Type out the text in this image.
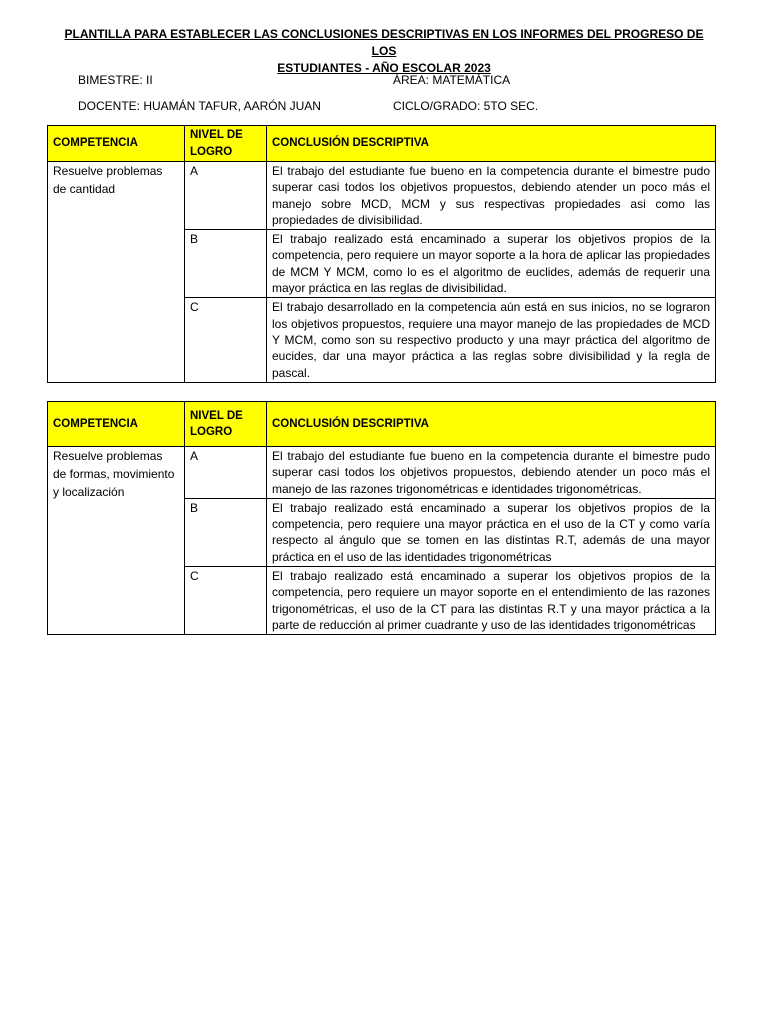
PLANTILLA PARA ESTABLECER LAS CONCLUSIONES DESCRIPTIVAS EN LOS INFORMES DEL PROGRESO DE LOS
ESTUDIANTES - AÑO ESCOLAR 2023
BIMESTRE: II	ÁREA: MATEMÁTICA
DOCENTE: HUAMÁN TAFUR, AARÓN JUAN	CICLO/GRADO: 5TO SEC.
COMPETENCIA	NIVEL DE LOGRO	CONCLUSIÓN DESCRIPTIVA
Resuelve problemas de cantidad	A	El trabajo del estudiante fue bueno en la competencia durante el bimestre pudo superar casi todos los objetivos propuestos, debiendo atender un poco más el manejo sobre MCD, MCM y sus respectivas propiedades asi como las propiedades de divisibilidad.
	B	El trabajo realizado está encaminado a superar los objetivos propios de la competencia, pero requiere un mayor soporte a la hora de aplicar las propiedades de MCM Y MCM, como lo es el algoritmo de euclides, además de requerir una mayor práctica en las reglas de divisibilidad.
	C	El trabajo desarrollado en la competencia aún está en sus inicios, no se lograron los objetivos propuestos, requiere una mayor manejo de las propiedades de MCD Y MCM, como son su respectivo producto y una mayr práctica del algoritmo de eucides, dar una mayor práctica a las reglas sobre divisibilidad y la regla de pascal.
COMPETENCIA	NIVEL DE LOGRO	CONCLUSIÓN DESCRIPTIVA
Resuelve problemas de formas, movimiento y localización	A	El trabajo del estudiante fue bueno en la competencia durante el bimestre pudo superar casi todos los objetivos propuestos, debiendo atender un poco más el manejo de las razones trigonométricas e identidades trigonométricas.
	B	El trabajo realizado está encaminado a superar los objetivos propios de la competencia, pero requiere una mayor práctica en el uso de la CT y como varía respecto al ángulo que se tomen en las distintas R.T, además de una mayor práctica en el uso de las identidades trigonométricas
	C	El trabajo realizado está encaminado a superar los objetivos propios de la competencia, pero requiere un mayor soporte en el entendimiento de las razones trigonométricas, el uso de la CT para las distintas R.T y una mayor práctica a la parte de reducción al primer cuadrante y uso de las identidades trigonométricas
